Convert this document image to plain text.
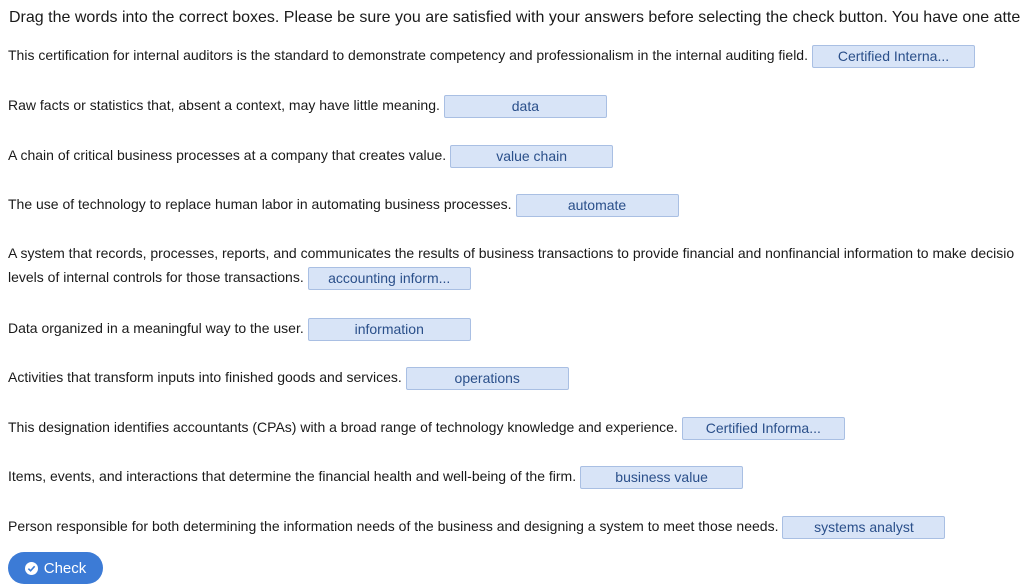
Drag the words into the correct boxes. Please be sure you are satisfied with your answers before selecting the check button. You have one atte
This certification for internal auditors is the standard to demonstrate competency and professionalism in the internal auditing field. Certified Interna...
Raw facts or statistics that, absent a context, may have little meaning.	data
A chain of critical business processes at a company that creates value.	value chain
The use of technology to replace human labor in automating business processes.	automate
A system that records, processes, reports, and communicates the results of business transactions to provide financial and nonfinancial information to make decisio levels of internal controls for those transactions. accounting inform...
Data organized in a meaningful way to the user.	information
Activities that transform inputs into finished goods and services.	operations
This designation identifies accountants (CPAs) with a broad range of technology knowledge and experience. Certified Informa...
Items, events, and interactions that determine the financial health and well-being of the firm.	business value
Person responsible for both determining the information needs of the business and designing a system to meet those needs.	systems analyst
Check
